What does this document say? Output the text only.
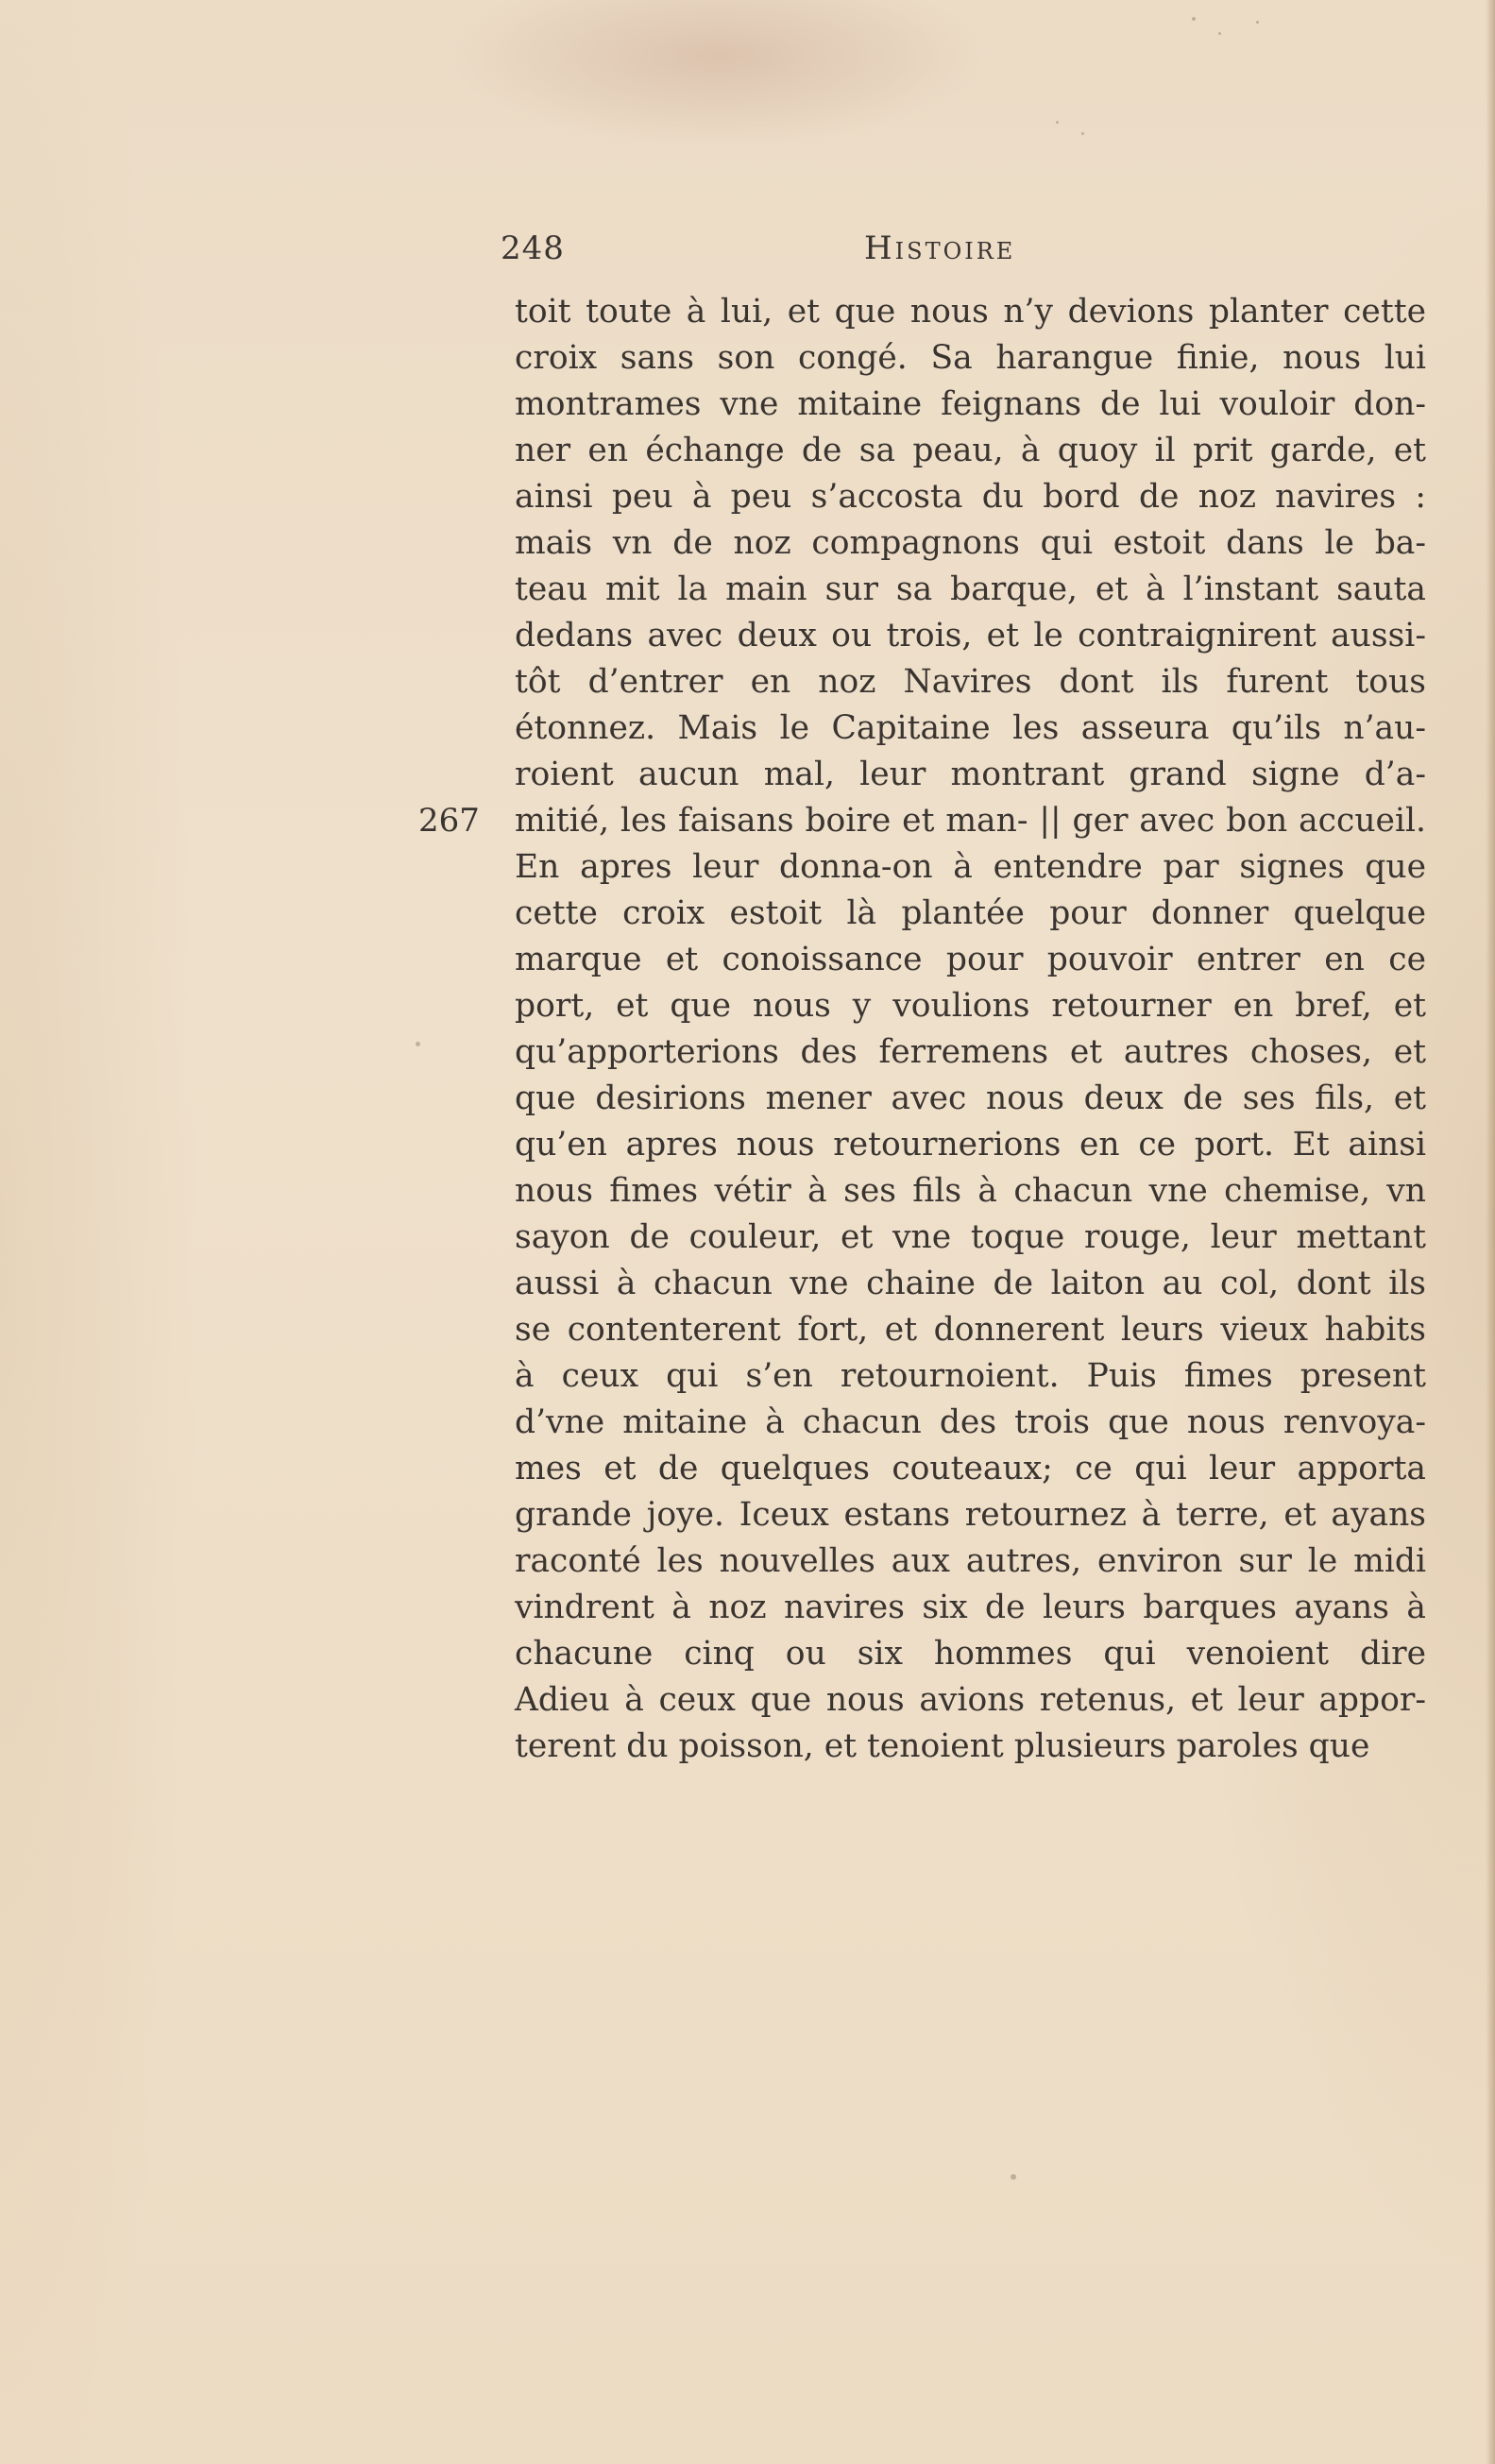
248	Histoire
267
toit toute à lui, et que nous n’y devions planter cette
croix sans son congé. Sa harangue finie, nous lui
montrames vne mitaine feignans de lui vouloir don-
ner en échange de sa peau, à quoy il prit garde, et
ainsi peu à peu s’accosta du bord de noz navires :
mais vn de noz compagnons qui estoit dans le ba-
teau mit la main sur sa barque, et à l’instant sauta
dedans avec deux ou trois, et le contraignirent aussi-
tôt d’entrer en noz Navires dont ils furent tous
étonnez. Mais le Capitaine les asseura qu’ils n’au-
roient aucun mal, leur montrant grand signe d’a-
mitié, les faisans boire et man- || ger avec bon accueil.
En apres leur donna-on à entendre par signes que
cette croix estoit là plantée pour donner quelque
marque et conoissance pour pouvoir entrer en ce
port, et que nous y voulions retourner en bref, et
qu’apporterions des ferremens et autres choses, et
que desirions mener avec nous deux de ses fils, et
qu’en apres nous retournerions en ce port. Et ainsi
nous fimes vétir à ses fils à chacun vne chemise, vn
sayon de couleur, et vne toque rouge, leur mettant
aussi à chacun vne chaine de laiton au col, dont ils
se contenterent fort, et donnerent leurs vieux habits
à ceux qui s’en retournoient. Puis fimes present
d’vne mitaine à chacun des trois que nous renvoya-
mes et de quelques couteaux; ce qui leur apporta
grande joye. Iceux estans retournez à terre, et ayans
raconté les nouvelles aux autres, environ sur le midi
vindrent à noz navires six de leurs barques ayans à
chacune cinq ou six hommes qui venoient dire
Adieu à ceux que nous avions retenus, et leur appor-
terent du poisson, et tenoient plusieurs paroles que
